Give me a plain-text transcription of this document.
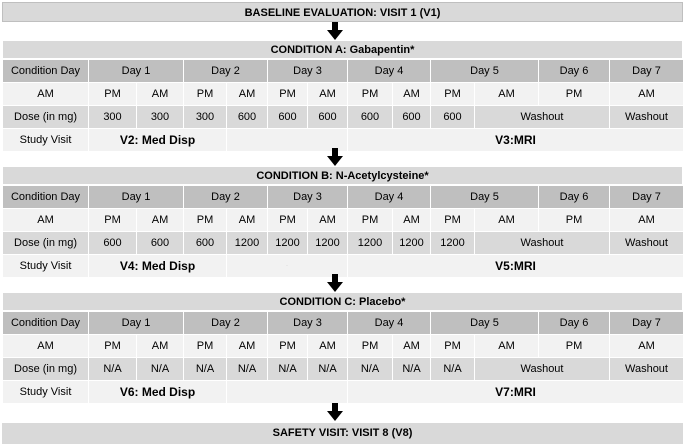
BASELINE EVALUATION: VISIT 1 (V1)
CONDITION A: Gabapentin*
Condition Day	Day 1		Day 2		Day 3		Day 4		Day 5		Day 6	Day 7	
AM	PM	AM	PM	AM	PM	AM	PM	AM	PM	AM	PM	AM	
Dose (in mg)	300	300	300	600	600	600	600	600	600	Washout		Washout	
Study Visit	V2: Med Disp						V3:MRI						
CONDITION B: N-Acetylcysteine*
Condition Day	Day 1		Day 2		Day 3		Day 4		Day 5		Day 6	Day 7	
AM	PM	AM	PM	AM	PM	AM	PM	AM	PM	AM	PM	AM	
Dose (in mg)	600	600	600	1200	1200	1200	1200	1200	1200	Washout		Washout	
Study Visit	V4: Med Disp			·			V5:MRI						
CONDITION C: Placebo*
Condition Day	Day 1		Day 2		Day 3		Day 4		Day 5		Day 6	Day 7	
AM	PM	AM	PM	AM	PM	AM	PM	AM	PM	AM	PM	AM	
Dose (in mg)	N/A	N/A	N/A	N/A	N/A	N/A	N/A	N/A	N/A	Washout		Washout	
Study Visit	V6: Med Disp						V7:MRI						
SAFETY VISIT: VISIT 8 (V8)
